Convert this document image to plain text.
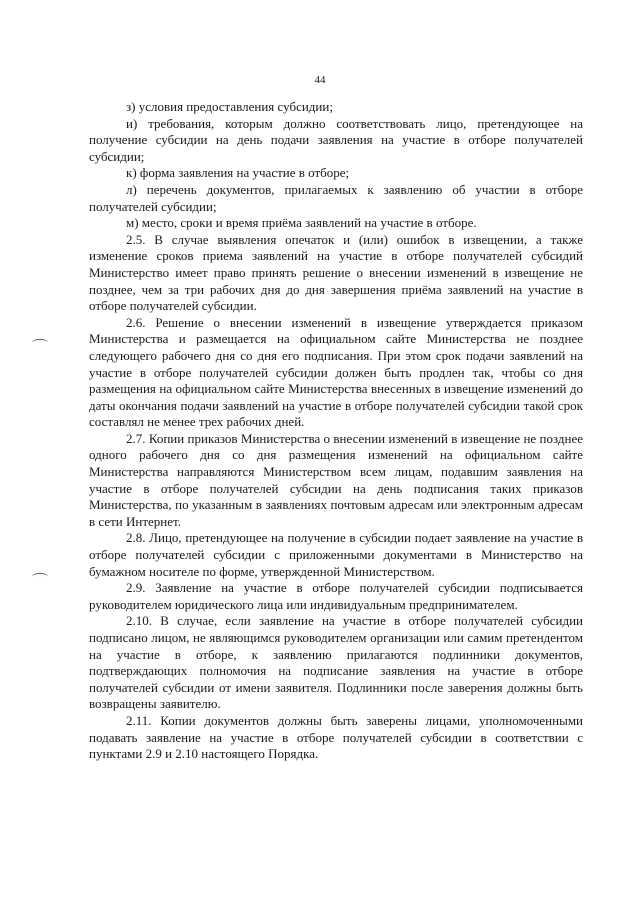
44

з) условия предоставления субсидии;

и) требования, которым должно соответствовать лицо, претендующее на получение субсидии на день подачи заявления на участие в отборе получателей субсидии;

к) форма заявления на участие в отборе;

л) перечень документов, прилагаемых к заявлению об участии в отборе получателей субсидии;

м) место, сроки и время приёма заявлений на участие в отборе.

2.5. В случае выявления опечаток и (или) ошибок в извещении, а также изменение сроков приема заявлений на участие в отборе получателей субсидий Министерство имеет право принять решение о внесении изменений в извещение не позднее, чем за три рабочих дня до дня завершения приёма заявлений на участие в отборе получателей субсидии.

2.6. Решение о внесении изменений в извещение утверждается приказом Министерства и размещается на официальном сайте Министерства не позднее следующего рабочего дня со дня его подписания. При этом срок подачи заявлений на участие в отборе получателей субсидии должен быть продлен так, чтобы со дня размещения на официальном сайте Министерства внесенных в извещение изменений до даты окончания подачи заявлений на участие в отборе получателей субсидии такой срок составлял не менее трех рабочих дней.

2.7. Копии приказов Министерства о внесении изменений в извещение не позднее одного рабочего дня со дня размещения изменений на официальном сайте Министерства направляются Министерством всем лицам, подавшим заявления на участие в отборе получателей субсидии на день подписания таких приказов Министерства, по указанным в заявлениях почтовым адресам или электронным адресам в сети Интернет.

2.8. Лицо, претендующее на получение в субсидии подает заявление на участие в отборе получателей субсидии с приложенными документами в Министерство на бумажном носителе по форме, утвержденной Министерством.

2.9. Заявление на участие в отборе получателей субсидии подписывается руководителем юридического лица или индивидуальным предпринимателем.

2.10. В случае, если заявление на участие в отборе получателей субсидии подписано лицом, не являющимся руководителем организации или самим претендентом на участие в отборе, к заявлению прилагаются подлинники документов, подтверждающих полномочия на подписание заявления на участие в отборе получателей субсидии от имени заявителя. Подлинники после заверения должны быть возвращены заявителю.

2.11. Копии документов должны быть заверены лицами, уполномоченными подавать заявление на участие в отборе получателей субсидии в соответствии с пунктами 2.9 и 2.10 настоящего Порядка.
